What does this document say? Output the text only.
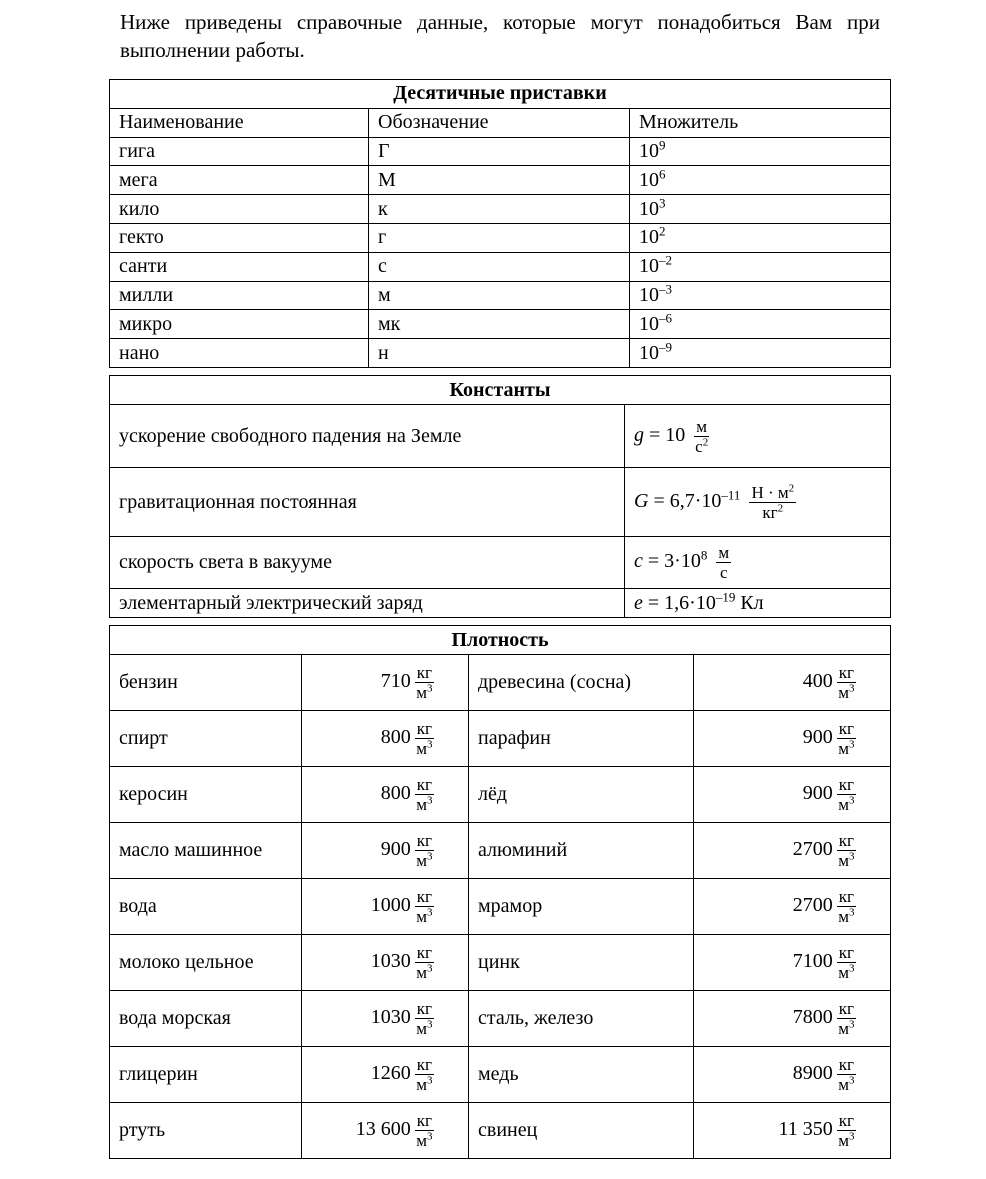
Ниже приведены справочные данные, которые могут понадобиться Вам при выполнении работы.
Десятичные приставки		
Наименование	Обозначение	Множитель
гига	Г	$10^9$
мега	М	$10^6$
кило	к	$10^3$
гекто	г	$10^2$
санти	с	$10^{-2}$
милли	м	$10^{-3}$
микро	мк	$10^{-6}$
нано	н	$10^{-9}$
Константы	
ускорение свободного падения на Земле	$g = 10 \frac{м}{с^2}$

гравитационная постоянная	$G = 6,7\cdot 10^{-11} \frac{Н \cdot м^2}{кг^2}$

скорость света в вакууме	$c = 3\cdot 10^8 \frac{м}{с}$

элементарный электрический заряд	$e = 1,6\cdot 10^{-19}$ Кл
Плотность			
бензин	$710 \frac{кг}{м^3}$	древесина (сосна)	$400 \frac{кг}{м^3}$

спирт	$800 \frac{кг}{м^3}$	парафин	$900 \frac{кг}{м^3}$

керосин	$800 \frac{кг}{м^3}$	лёд	$900 \frac{кг}{м^3}$

масло машинное	$900 \frac{кг}{м^3}$	алюминий	$2700 \frac{кг}{м^3}$

вода	$1000 \frac{кг}{м^3}$	мрамор	$2700 \frac{кг}{м^3}$

молоко цельное	$1030 \frac{кг}{м^3}$	цинк	$7100 \frac{кг}{м^3}$

вода морская	$1030 \frac{кг}{м^3}$	сталь, железо	$7800 \frac{кг}{м^3}$

глицерин	$1260 \frac{кг}{м^3}$	медь	$8900 \frac{кг}{м^3}$

ртуть	13 $600 \frac{кг}{м^3}$	свинец	11 $350 \frac{кг}{м^3}$
